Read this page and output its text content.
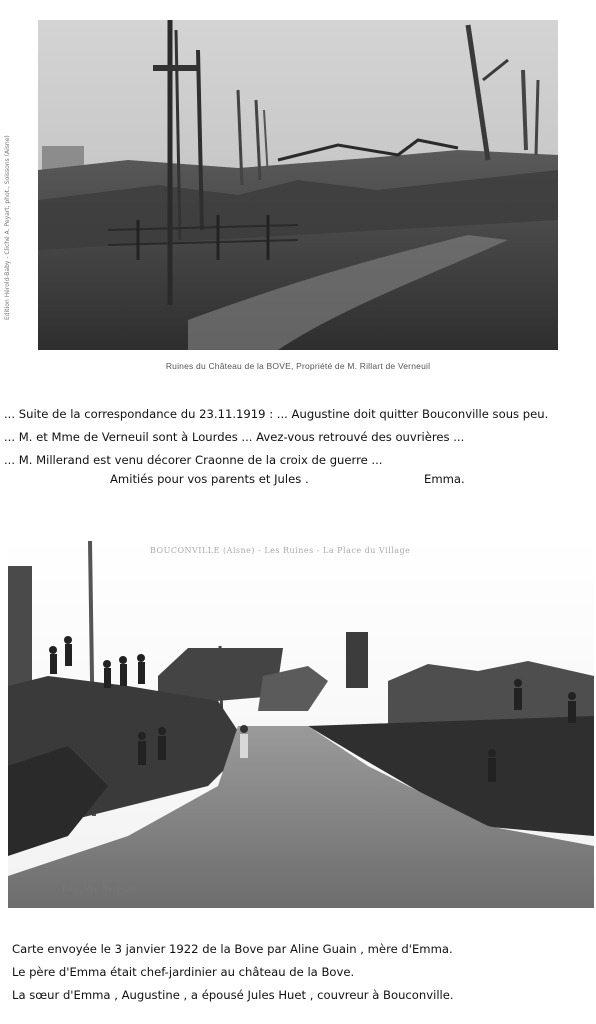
Edition Hérold-Baby - Cliché A. Peyart, phot., Soissons (Aisne)
Ruines du Château de la BOVE, Propriété de M. Rillart de Verneuil
... Suite de la correspondance du 23.11.1919 : ... Augustine doit quitter Bouconville sous peu.
... M. et Mme de Verneuil sont à Lourdes ... Avez-vous retrouvé des ouvrières ...
... M. Millerand est venu décorer Craonne de la croix de guerre ...
Amitiés pour vos parents et Jules .	Emma.
BOUCONVILLE (Aisne) - Les Ruines - La Place du Village
Edit. Vve Herblain
Carte envoyée le 3 janvier 1922 de la Bove par Aline Guain , mère d'Emma.
Le père d'Emma était chef-jardinier au château de la Bove.
La sœur d'Emma , Augustine , a épousé Jules Huet , couvreur à Bouconville.
